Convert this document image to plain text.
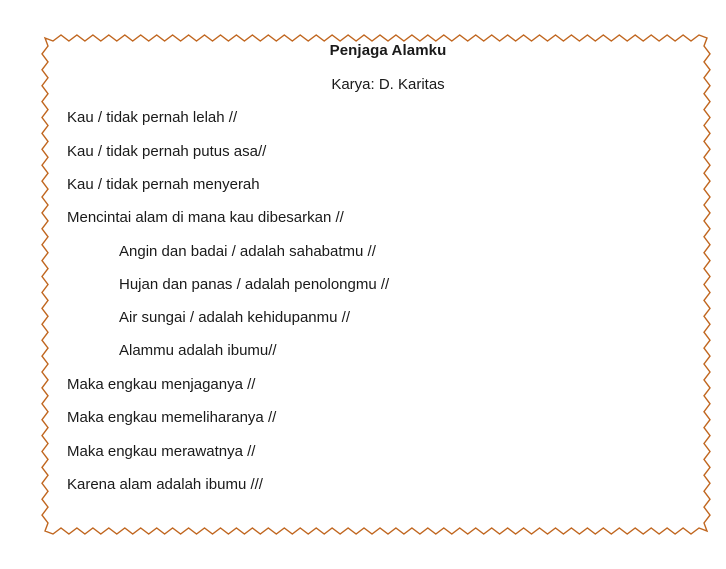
Penjaga Alamku
Karya: D. Karitas
Kau / tidak pernah lelah //
Kau / tidak pernah putus asa//
Kau / tidak pernah menyerah
Mencintai alam di mana kau dibesarkan //
Angin dan badai / adalah sahabatmu //
Hujan dan panas / adalah penolongmu //
Air sungai / adalah kehidupanmu //
Alammu adalah ibumu//
Maka engkau menjaganya //
Maka engkau memeliharanya //
Maka engkau merawatnya //
Karena alam adalah ibumu ///
